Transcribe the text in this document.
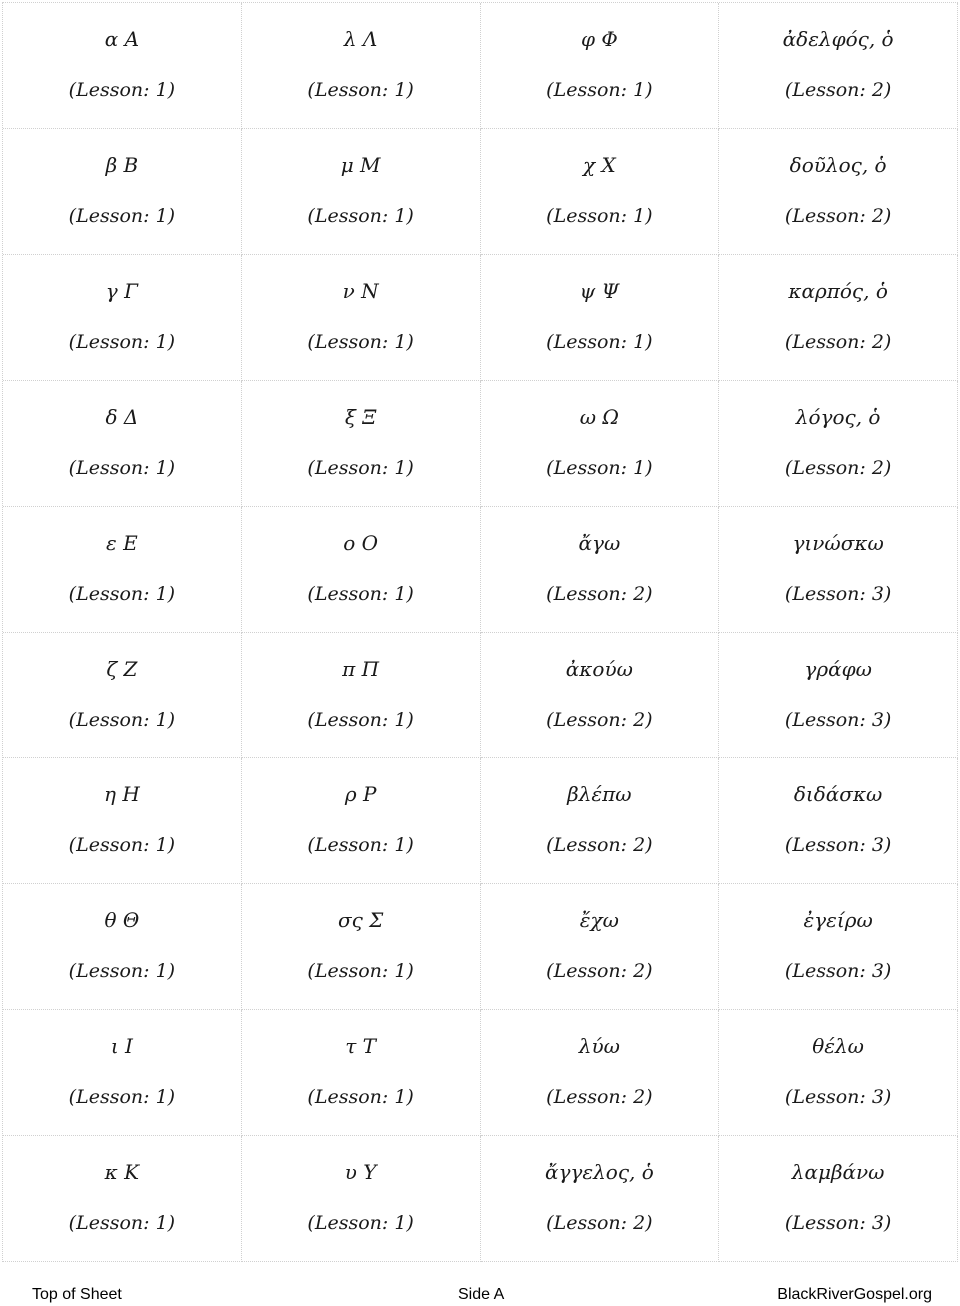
α Α
(Lesson: 1)
λ Λ
(Lesson: 1)
φ Φ
(Lesson: 1)
ἀδελφός, ὁ
(Lesson: 2)
β Β
(Lesson: 1)
μ Μ
(Lesson: 1)
χ Χ
(Lesson: 1)
δοῦλος, ὁ
(Lesson: 2)
γ Γ
(Lesson: 1)
ν Ν
(Lesson: 1)
ψ Ψ
(Lesson: 1)
καρπός, ὁ
(Lesson: 2)
δ Δ
(Lesson: 1)
ξ Ξ
(Lesson: 1)
ω Ω
(Lesson: 1)
λόγος, ὁ
(Lesson: 2)
ε Ε
(Lesson: 1)
ο Ο
(Lesson: 1)
ἄγω
(Lesson: 2)
γινώσκω
(Lesson: 3)
ζ Ζ
(Lesson: 1)
π Π
(Lesson: 1)
ἀκούω
(Lesson: 2)
γράφω
(Lesson: 3)
η Η
(Lesson: 1)
ρ Ρ
(Lesson: 1)
βλέπω
(Lesson: 2)
διδάσκω
(Lesson: 3)
θ Θ
(Lesson: 1)
σς Σ
(Lesson: 1)
ἔχω
(Lesson: 2)
ἐγείρω
(Lesson: 3)
ι Ι
(Lesson: 1)
τ Τ
(Lesson: 1)
λύω
(Lesson: 2)
θέλω
(Lesson: 3)
κ Κ
(Lesson: 1)
υ Υ
(Lesson: 1)
ἄγγελος, ὁ
(Lesson: 2)
λαμβάνω
(Lesson: 3)
Top of Sheet	Side A	BlackRiverGospel.org
